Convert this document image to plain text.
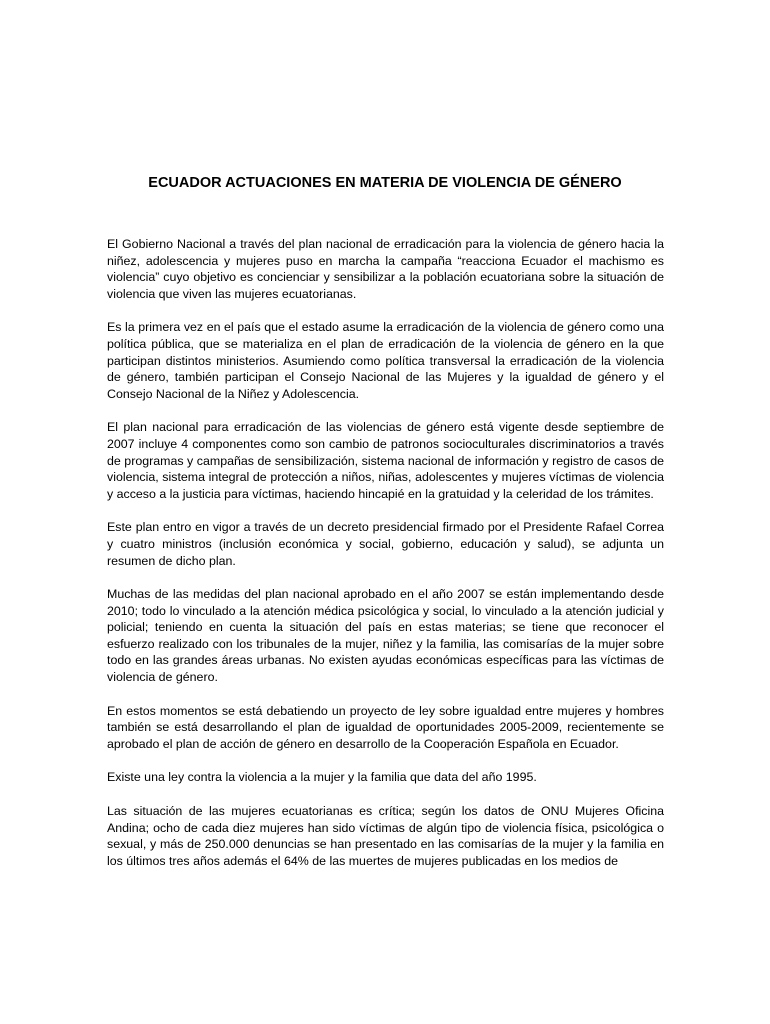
ECUADOR ACTUACIONES EN MATERIA DE VIOLENCIA DE GÉNERO

El Gobierno Nacional a través del plan nacional de erradicación para la violencia de género hacia la niñez, adolescencia y mujeres puso en marcha la campaña “reacciona Ecuador el machismo es violencia” cuyo objetivo es concienciar y sensibilizar a la población ecuatoriana sobre la situación de violencia que viven las mujeres ecuatorianas.

Es la primera vez en el país que el estado asume la erradicación de la violencia de género como una política pública, que se materializa en el plan de erradicación de la violencia de género en la que participan distintos ministerios. Asumiendo como política transversal la erradicación de la violencia de género, también participan el Consejo Nacional de las Mujeres y la igualdad de género y el Consejo Nacional de la Niñez y Adolescencia.

El plan nacional para erradicación de las violencias de género está vigente desde septiembre de 2007 incluye 4 componentes como son cambio de patronos socioculturales discriminatorios a través de programas y campañas de sensibilización, sistema nacional de información y registro de casos de violencia, sistema integral de protección a niños, niñas, adolescentes y mujeres víctimas de violencia y acceso a la justicia para víctimas, haciendo hincapié en la gratuidad y la celeridad de los trámites.

Este plan entro en vigor a través de un decreto presidencial firmado por el Presidente Rafael Correa y cuatro ministros (inclusión económica y social, gobierno, educación y salud), se adjunta un resumen de dicho plan.

Muchas de las medidas del plan nacional aprobado en el año 2007 se están implementando desde 2010; todo lo vinculado a la atención médica psicológica y social, lo vinculado a la atención judicial y policial; teniendo en cuenta la situación del país en estas materias; se tiene que reconocer el esfuerzo realizado con los tribunales de la mujer, niñez y la familia, las comisarías de la mujer sobre todo en las grandes áreas urbanas. No existen ayudas económicas específicas para las víctimas de violencia de género.

En estos momentos se está debatiendo un proyecto de ley sobre igualdad entre mujeres y hombres también se está desarrollando el plan de igualdad de oportunidades 2005-2009, recientemente se aprobado el plan de acción de género en desarrollo de la Cooperación Española en Ecuador.

Existe una ley contra la violencia a la mujer y la familia que data del año 1995.

Las situación de las mujeres ecuatorianas es crítica; según los datos de ONU Mujeres Oficina Andina; ocho de cada diez mujeres han sido víctimas de algún tipo de violencia física, psicológica o sexual, y más de 250.000 denuncias se han presentado en las comisarías de la mujer y la familia en los últimos tres años además el 64% de las muertes de mujeres publicadas en los medios de
